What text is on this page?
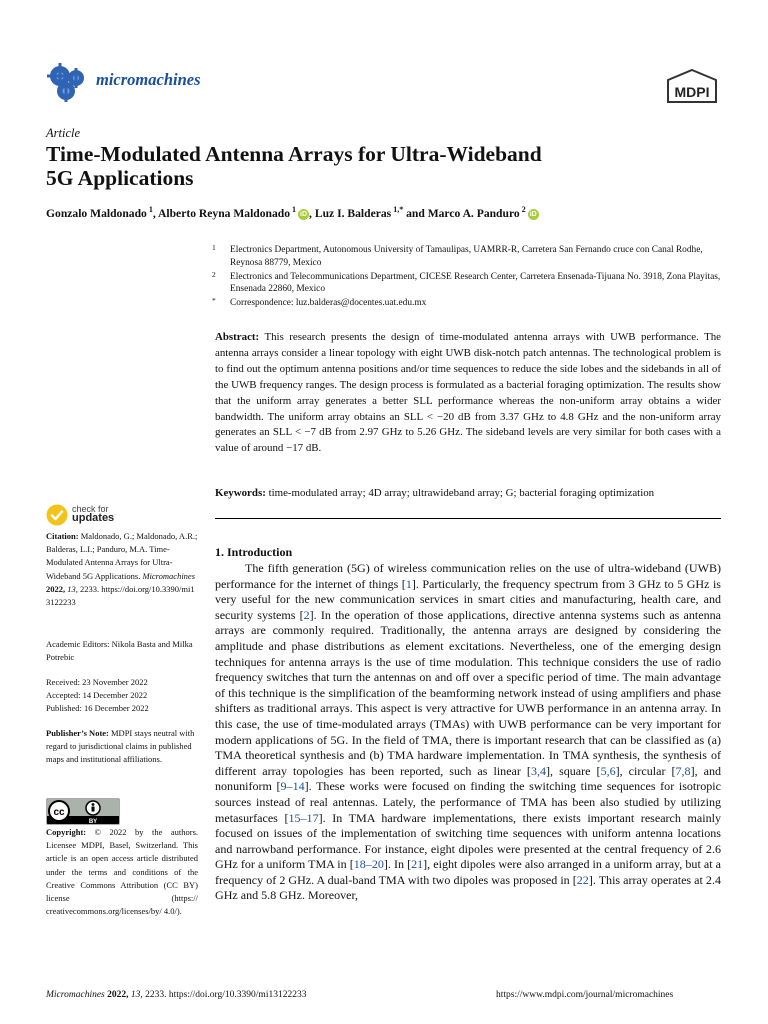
micromachines
MDPI
Article
Time-Modulated Antenna Arrays for Ultra-Wideband
5G Applications
Gonzalo Maldonado $^1$, Alberto Reyna Maldonado $^1$iD , Luz I. Balderas $^{1,*}$ and Marco A. Panduro $^2$iD
1 Electronics Department, Autonomous University of Tamaulipas, UAMRR-R, Carretera San Fernando cruce con Canal Rodhe, Reynosa 88779, Mexico
2 Electronics and Telecommunications Department, CICESE Research Center, Carretera Ensenada-Tijuana No. 3918, Zona Playitas, Ensenada 22860, Mexico
* Correspondence: luz.balderas@docentes.uat.edu.mx
Abstract: This research presents the design of time-modulated antenna arrays with UWB performance. The antenna arrays consider a linear topology with eight UWB disk-notch patch antennas. The technological problem is to find out the optimum antenna positions and/or time sequences to reduce the side lobes and the sidebands in all of the UWB frequency ranges. The design process is formulated as a bacterial foraging optimization. The results show that the uniform array generates a better SLL performance whereas the non-uniform array obtains a wider bandwidth. The uniform array obtains an SLL < −20 dB from 3.37 GHz to 4.8 GHz and the non-uniform array generates an SLL < −7 dB from 2.97 GHz to 5.26 GHz. The sideband levels are very similar for both cases with a value of around −17 dB.
Keywords: time-modulated array; 4D array; ultrawideband array; G; bacterial foraging optimization
1. Introduction

The fifth generation (5G) of wireless communication relies on the use of ultra-wideband (UWB) performance for the internet of things [1]. Particularly, the frequency spectrum from 3 GHz to 5 GHz is very useful for the new communication services in smart cities and manufacturing, health care, and security systems [2]. In the operation of those applications, directive antenna systems such as antenna arrays are commonly required. Traditionally, the antenna arrays are designed by considering the amplitude and phase distributions as element excitations. Nevertheless, one of the emerging design techniques for antenna arrays is the use of time modulation. This technique considers the use of radio frequency switches that turn the antennas on and off over a specific period of time. The main advantage of this technique is the simplification of the beamforming network instead of using amplifiers and phase shifters as traditional arrays. This aspect is very attractive for UWB performance in an antenna array. In this case, the use of time-modulated arrays (TMAs) with UWB performance can be very important for modern applications of 5G. In the field of TMA, there is important research that can be classified as (a) TMA theoretical synthesis and (b) TMA hardware implementation. In TMA synthesis, the synthesis of different array topologies has been reported, such as linear [3,4], square [5,6], circular [7,8], and nonuniform [9–14]. These works were focused on finding the switching time sequences for isotropic sources instead of real antennas. Lately, the performance of TMA has been also studied by utilizing metasurfaces [15–17]. In TMA hardware implementations, there exists important research mainly focused on issues of the implementation of switching time sequences with uniform antenna locations and narrowband performance. For instance, eight dipoles were presented at the central frequency of 2.6 GHz for a uniform TMA in [18–20]. In [21], eight dipoles were also arranged in a uniform array, but at a frequency of 2 GHz. A dual-band TMA with two dipoles was proposed in [22]. This array operates at 2.4 GHz and 5.8 GHz. Moreover,

check for
updates
Citation: Maldonado, G.; Maldonado, A.R.; Balderas, L.I.; Panduro, M.A. Time-Modulated Antenna Arrays for Ultra-Wideband 5G Applications. Micromachines 2022, 13, 2233. https://doi.org/10.3390/mi13122233
Academic Editors: Nikola Basta and Milka Potrebic
Received: 23 November 2022
Accepted: 14 December 2022
Published: 16 December 2022
Publisher’s Note: MDPI stays neutral with regard to jurisdictional claims in published maps and institutional affiliations.
cc
BY
Copyright: © 2022 by the authors. Licensee MDPI, Basel, Switzerland. This article is an open access article distributed under the terms and conditions of the Creative Commons Attribution (CC BY) license (https:// creativecommons.org/licenses/by/ 4.0/).
Micromachines 2022, 13, 2233. https://doi.org/10.3390/mi13122233	https://www.mdpi.com/journal/micromachines
